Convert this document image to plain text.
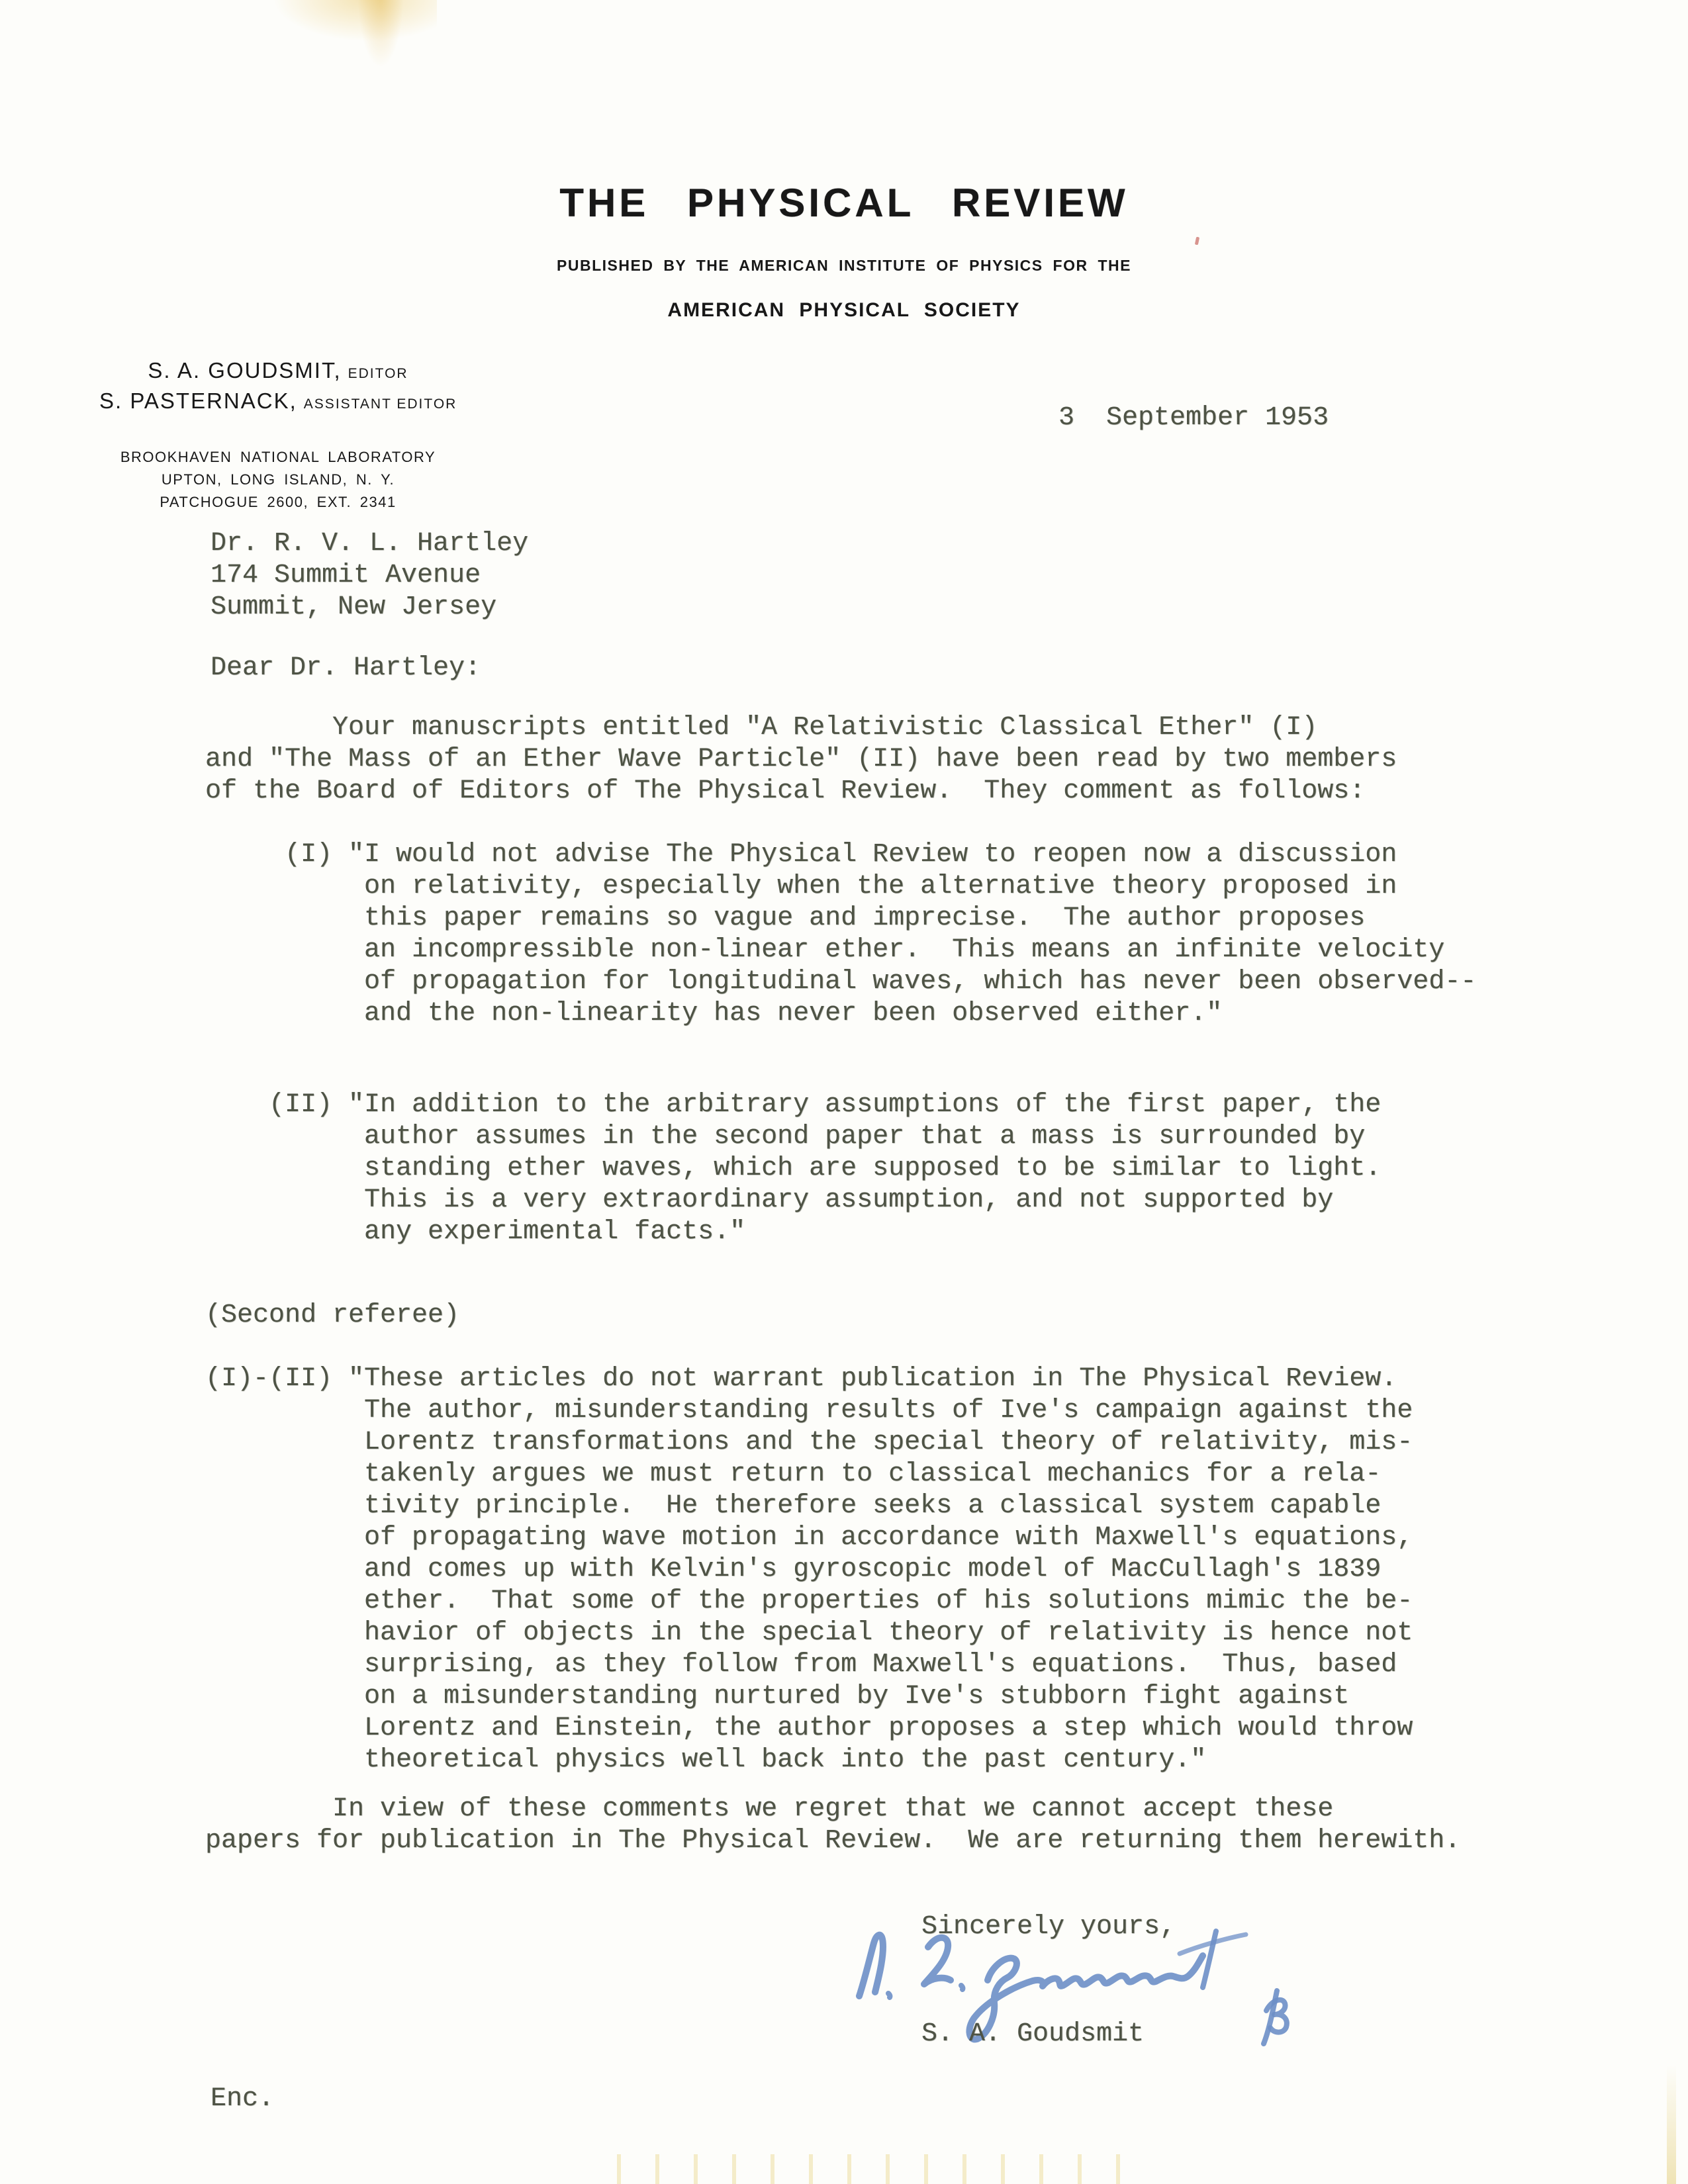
THE PHYSICAL REVIEW
PUBLISHED BY THE AMERICAN INSTITUTE OF PHYSICS FOR THE
AMERICAN PHYSICAL SOCIETY
S. A. GOUDSMIT, EDITOR
S. PASTERNACK, ASSISTANT EDITOR
BROOKHAVEN NATIONAL LABORATORY
UPTON, LONG ISLAND, N. Y.
PATCHOGUE 2600, EXT. 2341
3  September 1953
Dr. R. V. L. Hartley
174 Summit Avenue
Summit, New Jersey
Dear Dr. Hartley:
Your manuscripts entitled "A Relativistic Classical Ether" (I)
and "The Mass of an Ether Wave Particle" (II) have been read by two members
of the Board of Editors of The Physical Review.  They comment as follows:
(I) "I would not advise The Physical Review to reopen now a discussion
on relativity, especially when the alternative theory proposed in
this paper remains so vague and imprecise.  The author proposes
an incompressible non-linear ether.  This means an infinite velocity
of propagation for longitudinal waves, which has never been observed--
and the non-linearity has never been observed either."
(II) "In addition to the arbitrary assumptions of the first paper, the
author assumes in the second paper that a mass is surrounded by
standing ether waves, which are supposed to be similar to light.
This is a very extraordinary assumption, and not supported by
any experimental facts."
(Second referee)
(I)-(II) "These articles do not warrant publication in The Physical Review.
The author, misunderstanding results of Ive's campaign against the
Lorentz transformations and the special theory of relativity, mis-
takenly argues we must return to classical mechanics for a rela-
tivity principle.  He therefore seeks a classical system capable
of propagating wave motion in accordance with Maxwell's equations,
and comes up with Kelvin's gyroscopic model of MacCullagh's 1839
ether.  That some of the properties of his solutions mimic the be-
havior of objects in the special theory of relativity is hence not
surprising, as they follow from Maxwell's equations.  Thus, based
on a misunderstanding nurtured by Ive's stubborn fight against
Lorentz and Einstein, the author proposes a step which would throw
theoretical physics well back into the past century."
In view of these comments we regret that we cannot accept these
papers for publication in The Physical Review.  We are returning them herewith.
Sincerely yours,
S. A. Goudsmit
Enc.
